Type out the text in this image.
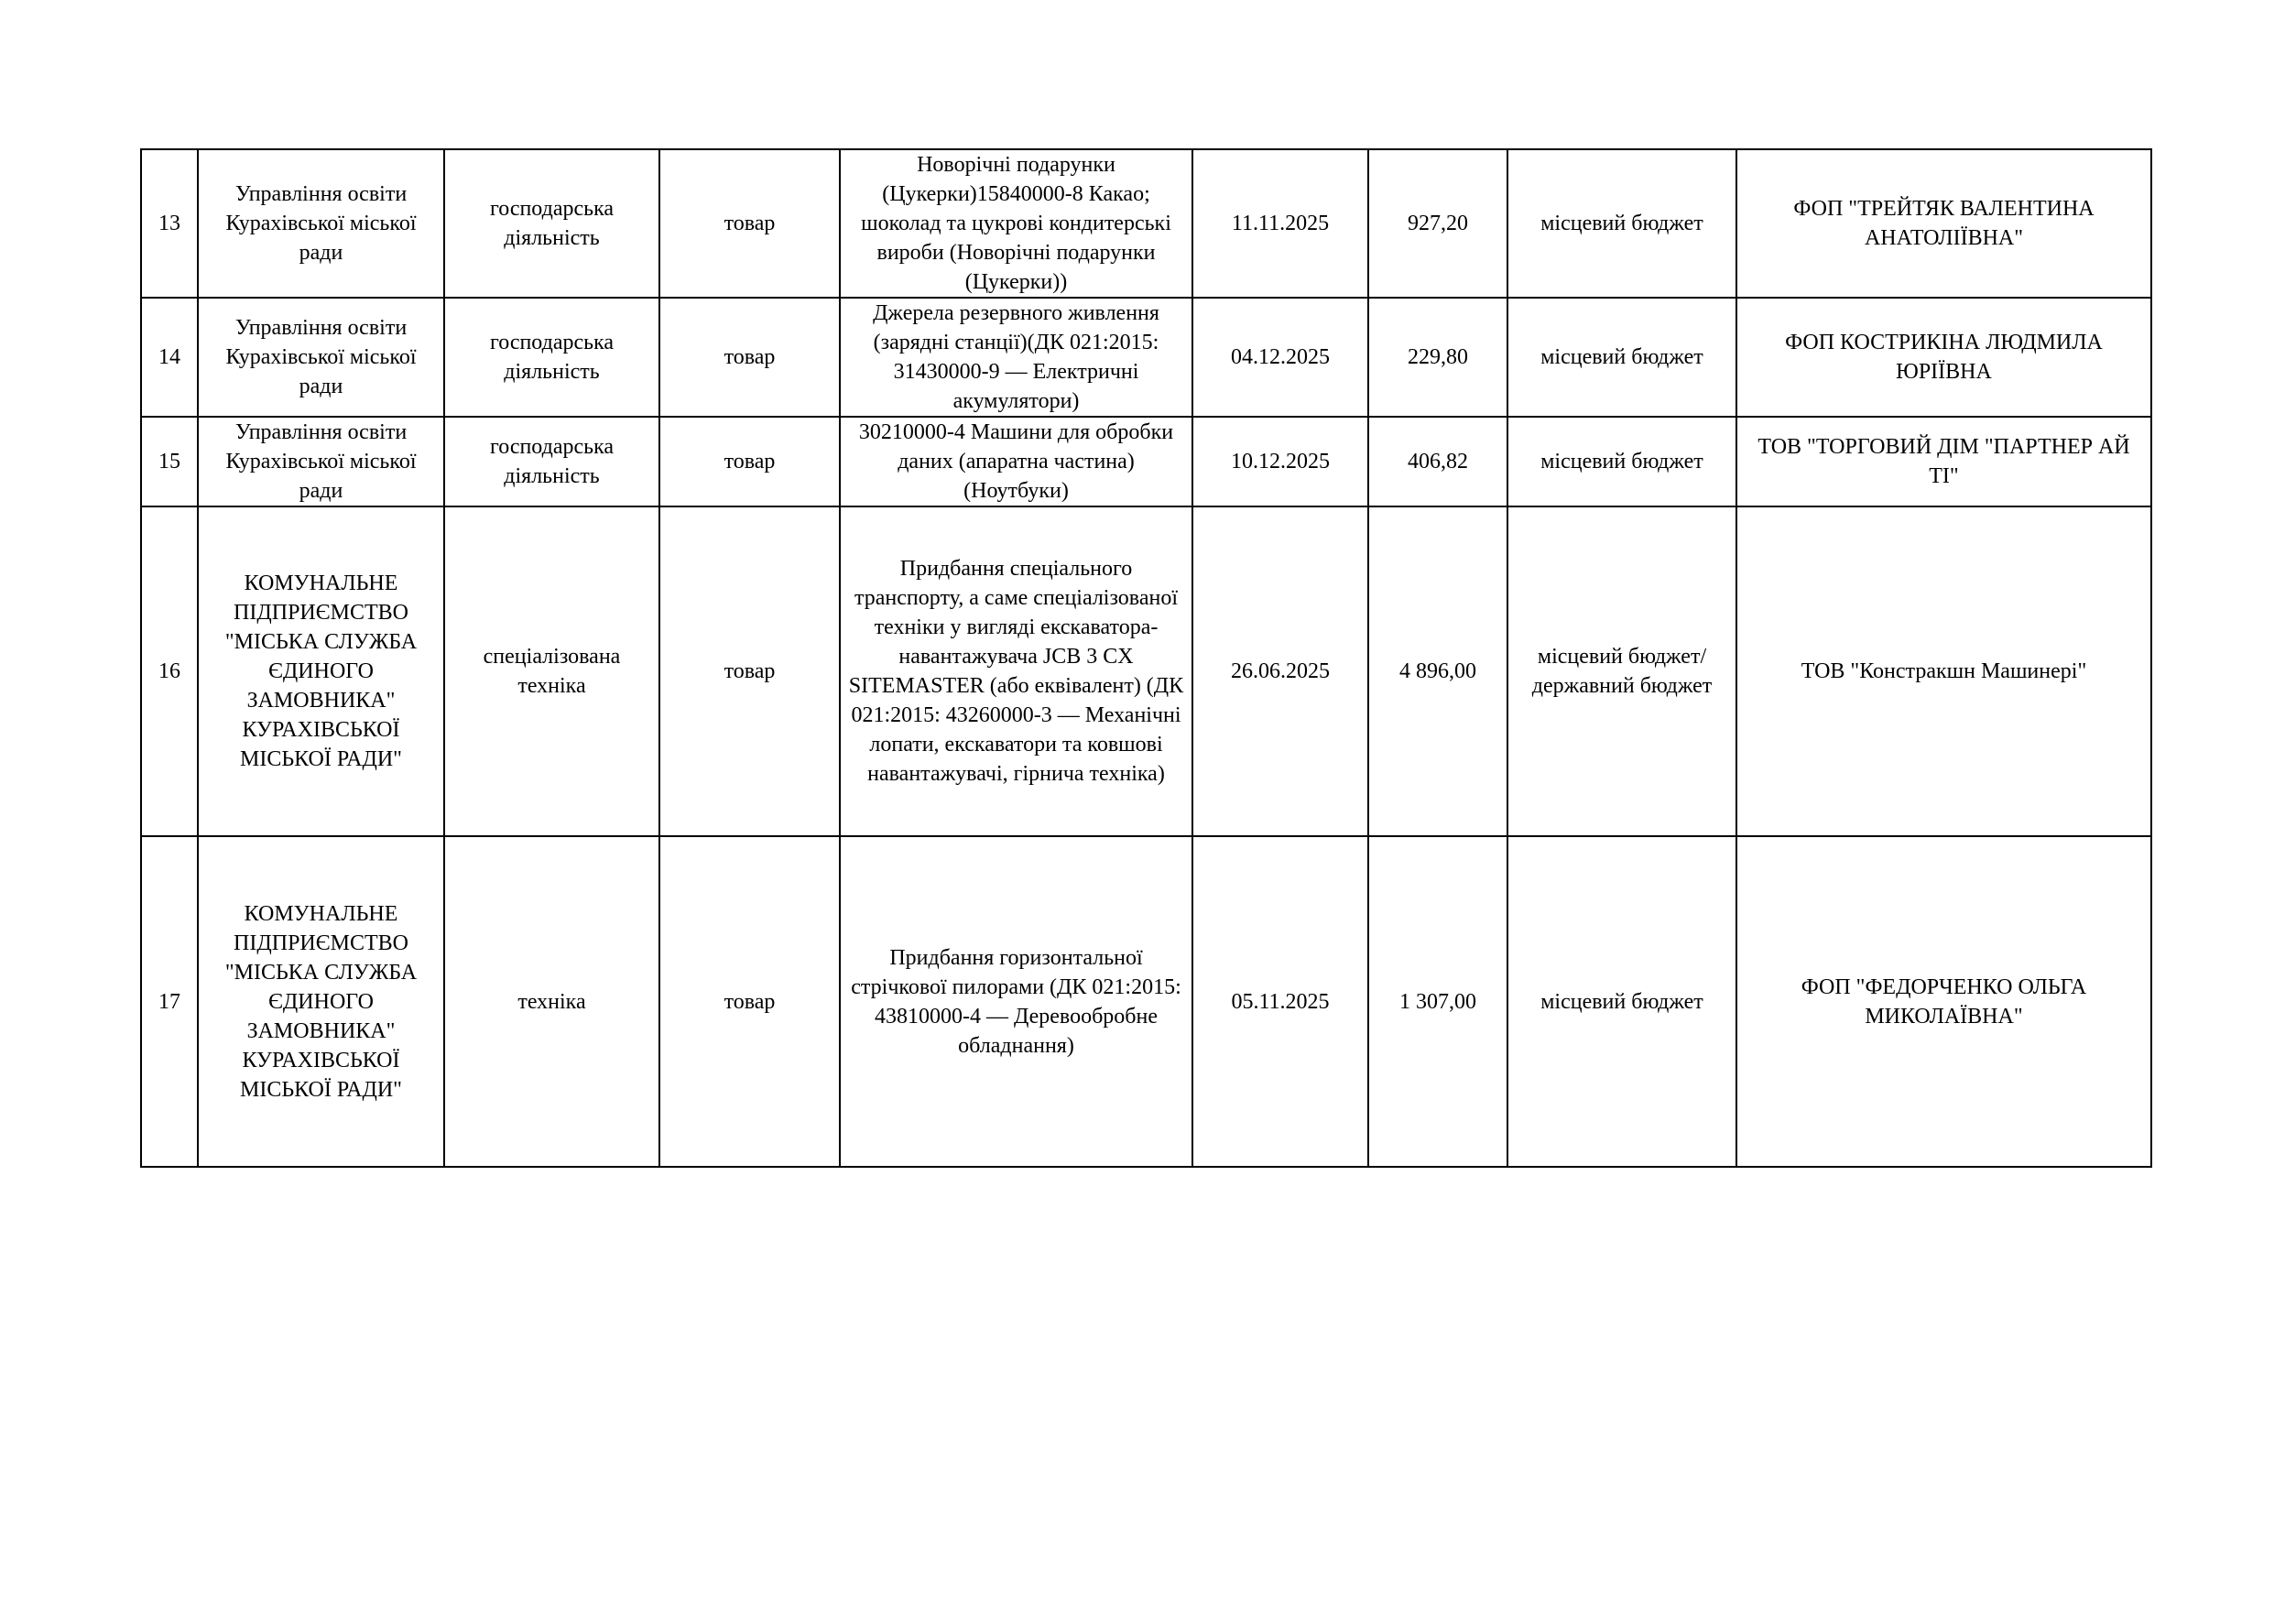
13	Управління освіти Курахівської міської ради	господарська діяльність	товар	Новорічні подарунки (Цукерки)15840000-8 Какао; шоколад та цукрові кондитерські вироби (Новорічні подарунки (Цукерки))	11.11.2025	927,20	місцевий бюджет	ФОП "ТРЕЙТЯК ВАЛЕНТИНА АНАТОЛІЇВНА"
14	Управління освіти Курахівської міської ради	господарська діяльність	товар	Джерела резервного живлення (зарядні станції)(ДК 021:2015: 31430000-9 — Електричні акумулятори)	04.12.2025	229,80	місцевий бюджет	ФОП КОСТРИКІНА ЛЮДМИЛА ЮРІЇВНА
15	Управління освіти Курахівської міської ради	господарська діяльність	товар	30210000-4 Машини для обробки даних (апаратна частина) (Ноутбуки)	10.12.2025	406,82	місцевий бюджет	ТОВ "ТОРГОВИЙ ДІМ "ПАРТНЕР АЙ ТІ"
16	КОМУНАЛЬНЕ ПІДПРИЄМСТВО "МІСЬКА СЛУЖБА ЄДИНОГО ЗАМОВНИКА" КУРАХІВСЬКОЇ МІСЬКОЇ РАДИ"	спеціалізована техніка	товар	Придбання спеціального транспорту, а саме спеціалізованої техніки у вигляді екскаватора-навантажувача JCB 3 CX SITEMASTER (або еквівалент) (ДК 021:2015: 43260000-3 — Механічні лопати, екскаватори та ковшові навантажувачі, гірнича техніка)	26.06.2025	4 896,00	місцевий бюджет/державний бюджет	ТОВ "Констракшн Машинері"
17	КОМУНАЛЬНЕ ПІДПРИЄМСТВО "МІСЬКА СЛУЖБА ЄДИНОГО ЗАМОВНИКА" КУРАХІВСЬКОЇ МІСЬКОЇ РАДИ"	техніка	товар	Придбання горизонтальної стрічкової пилорами (ДК 021:2015: 43810000-4 — Деревообробне обладнання)	05.11.2025	1 307,00	місцевий бюджет	ФОП "ФЕДОРЧЕНКО ОЛЬГА МИКОЛАЇВНА"
